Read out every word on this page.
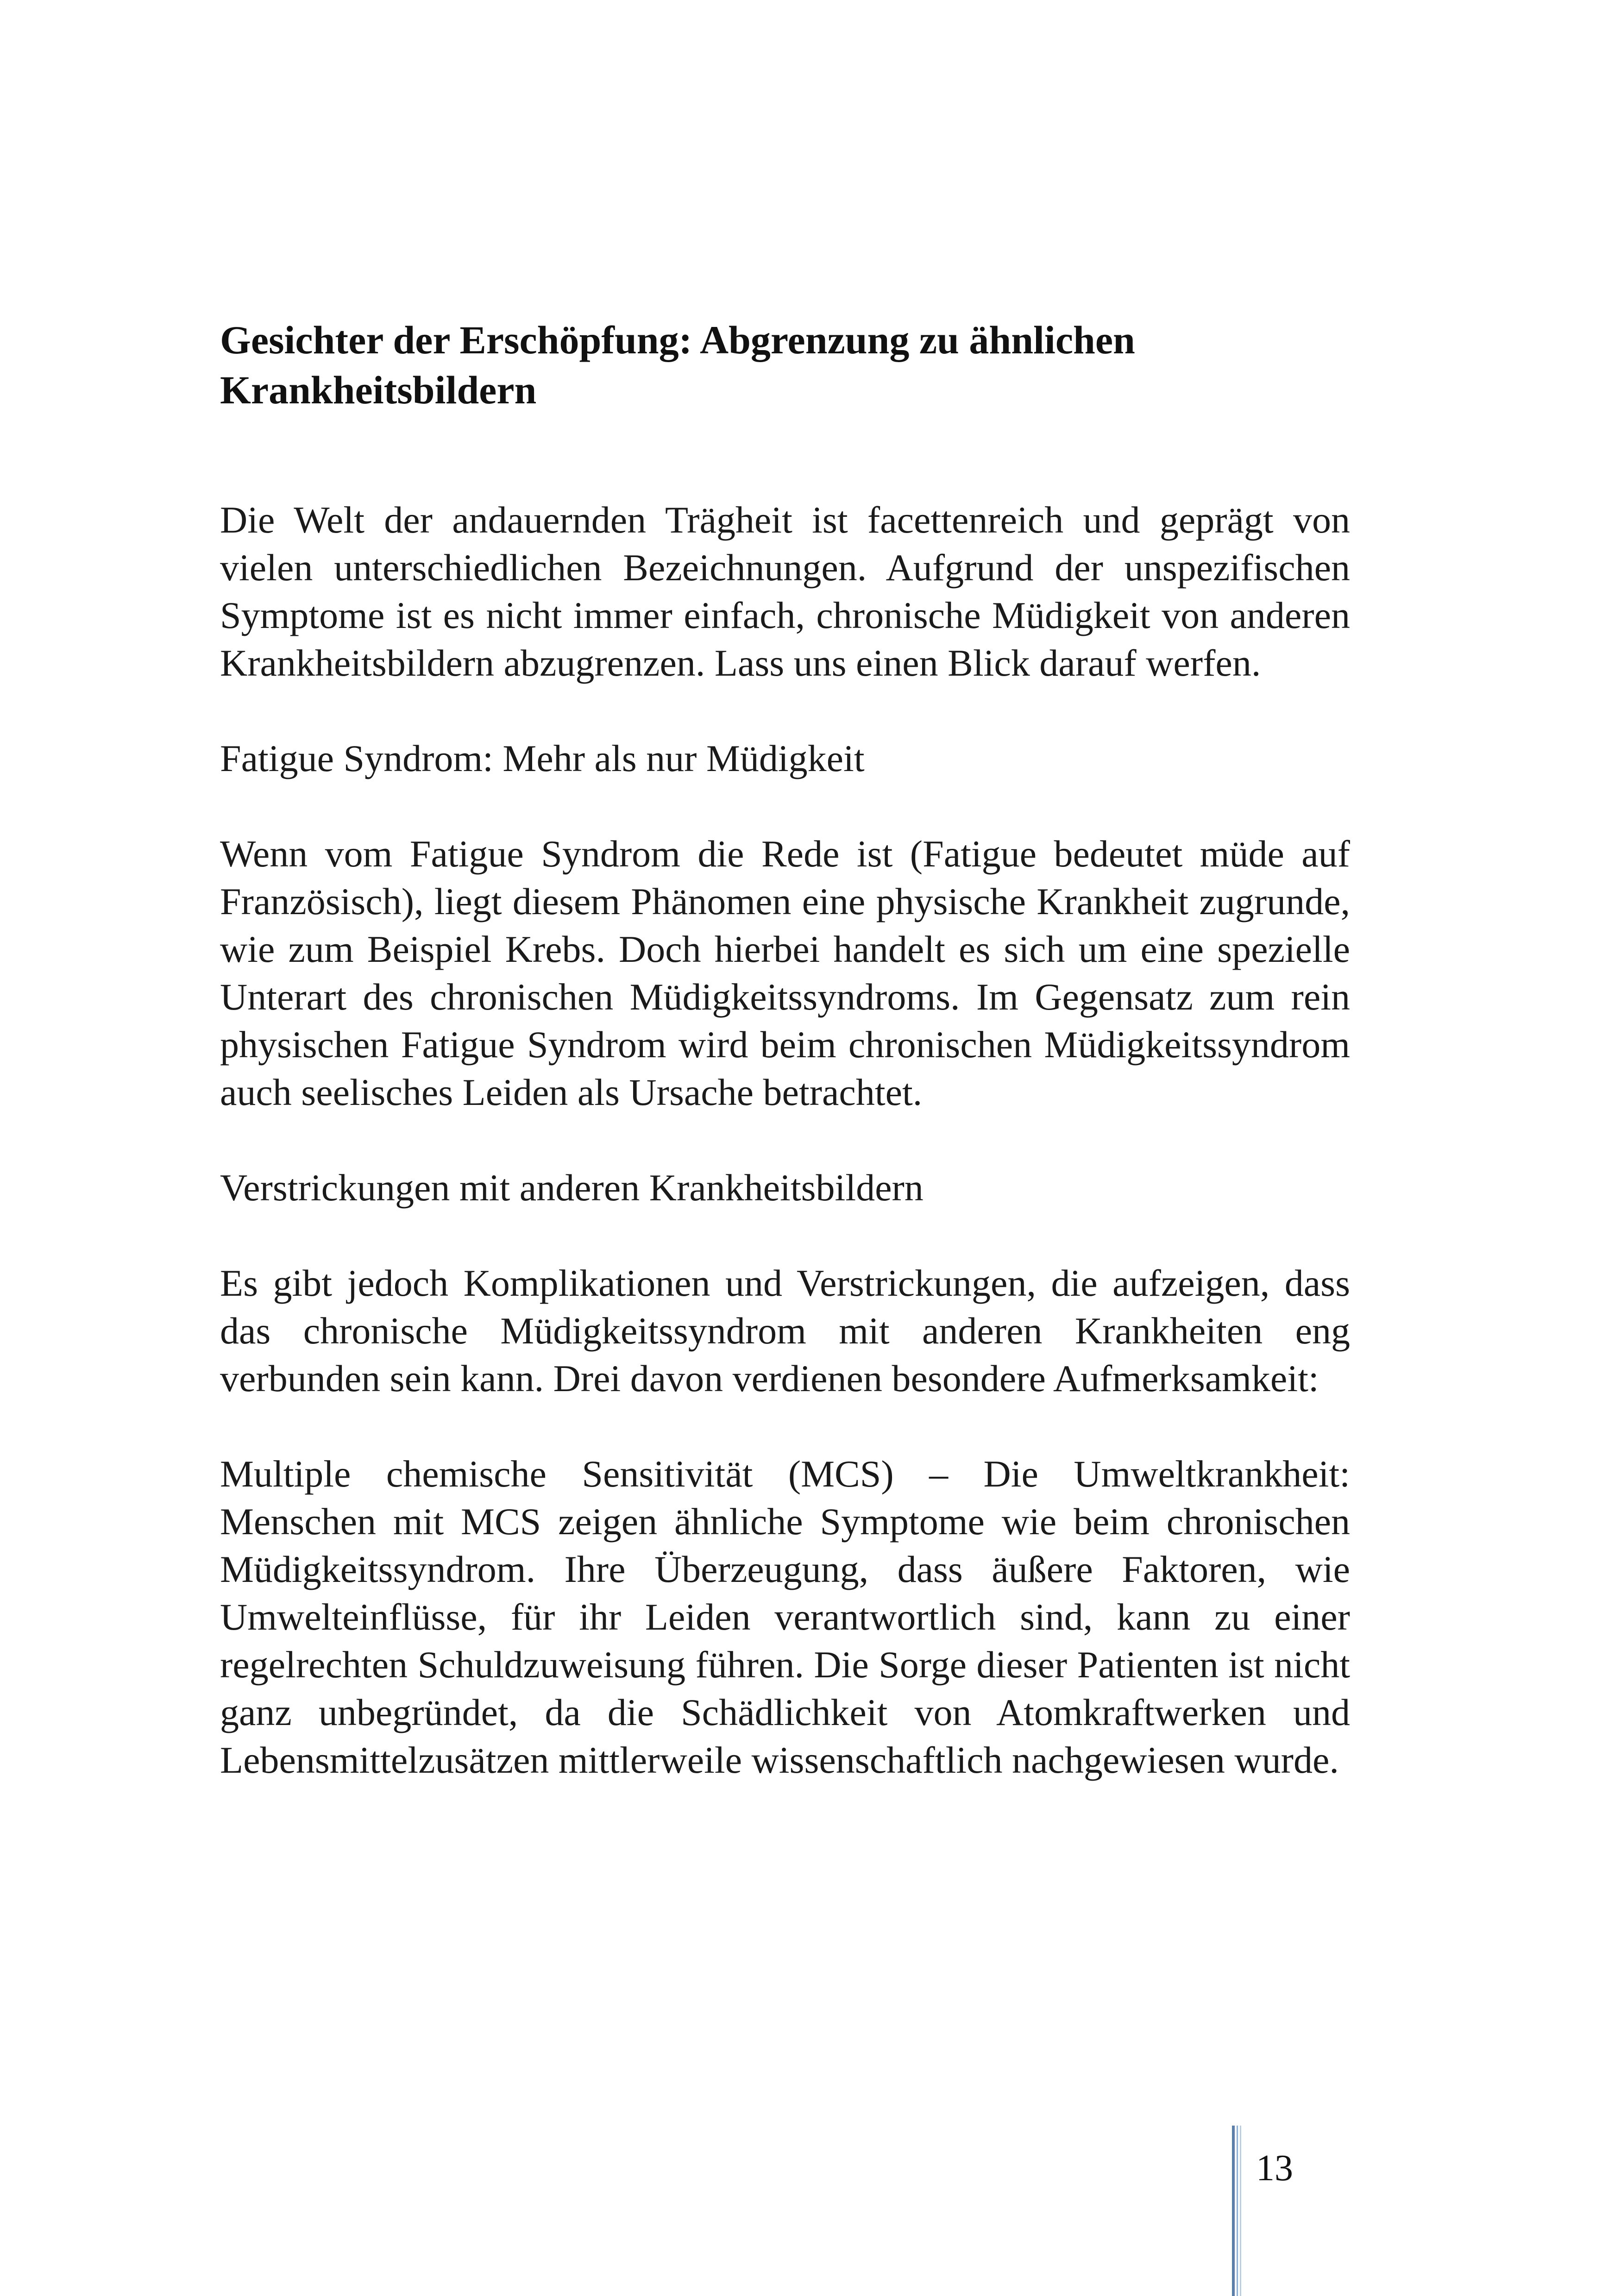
Gesichter der Erschöpfung: Abgrenzung zu ähnlichen Krankheitsbildern

Die Welt der andauernden Trägheit ist facettenreich und geprägt von vielen unterschiedlichen Bezeichnungen. Aufgrund der unspezifischen Symptome ist es nicht immer einfach, chronische Müdigkeit von anderen Krankheitsbildern abzugrenzen. Lass uns einen Blick darauf werfen.

Fatigue Syndrom: Mehr als nur Müdigkeit

Wenn vom Fatigue Syndrom die Rede ist (Fatigue bedeutet müde auf Französisch), liegt diesem Phänomen eine physische Krankheit zugrunde, wie zum Beispiel Krebs. Doch hierbei handelt es sich um eine spezielle Unterart des chronischen Müdigkeitssyndroms. Im Gegensatz zum rein physischen Fatigue Syndrom wird beim chronischen Müdigkeitssyndrom auch seelisches Leiden als Ursache betrachtet.

Verstrickungen mit anderen Krankheitsbildern

Es gibt jedoch Komplikationen und Verstrickungen, die aufzeigen, dass das chronische Müdigkeitssyndrom mit anderen Krankheiten eng verbunden sein kann. Drei davon verdienen besondere Aufmerksamkeit:

Multiple chemische Sensitivität (MCS) – Die Umweltkrankheit: Menschen mit MCS zeigen ähnliche Symptome wie beim chronischen Müdigkeitssyndrom. Ihre Überzeugung, dass äußere Faktoren, wie Umwelteinflüsse, für ihr Leiden verantwortlich sind, kann zu einer regelrechten Schuldzuweisung führen. Die Sorge dieser Patienten ist nicht ganz unbegründet, da die Schädlichkeit von Atomkraftwerken und Lebensmittelzusätzen mittlerweile wissenschaftlich nachgewiesen wurde.

13
